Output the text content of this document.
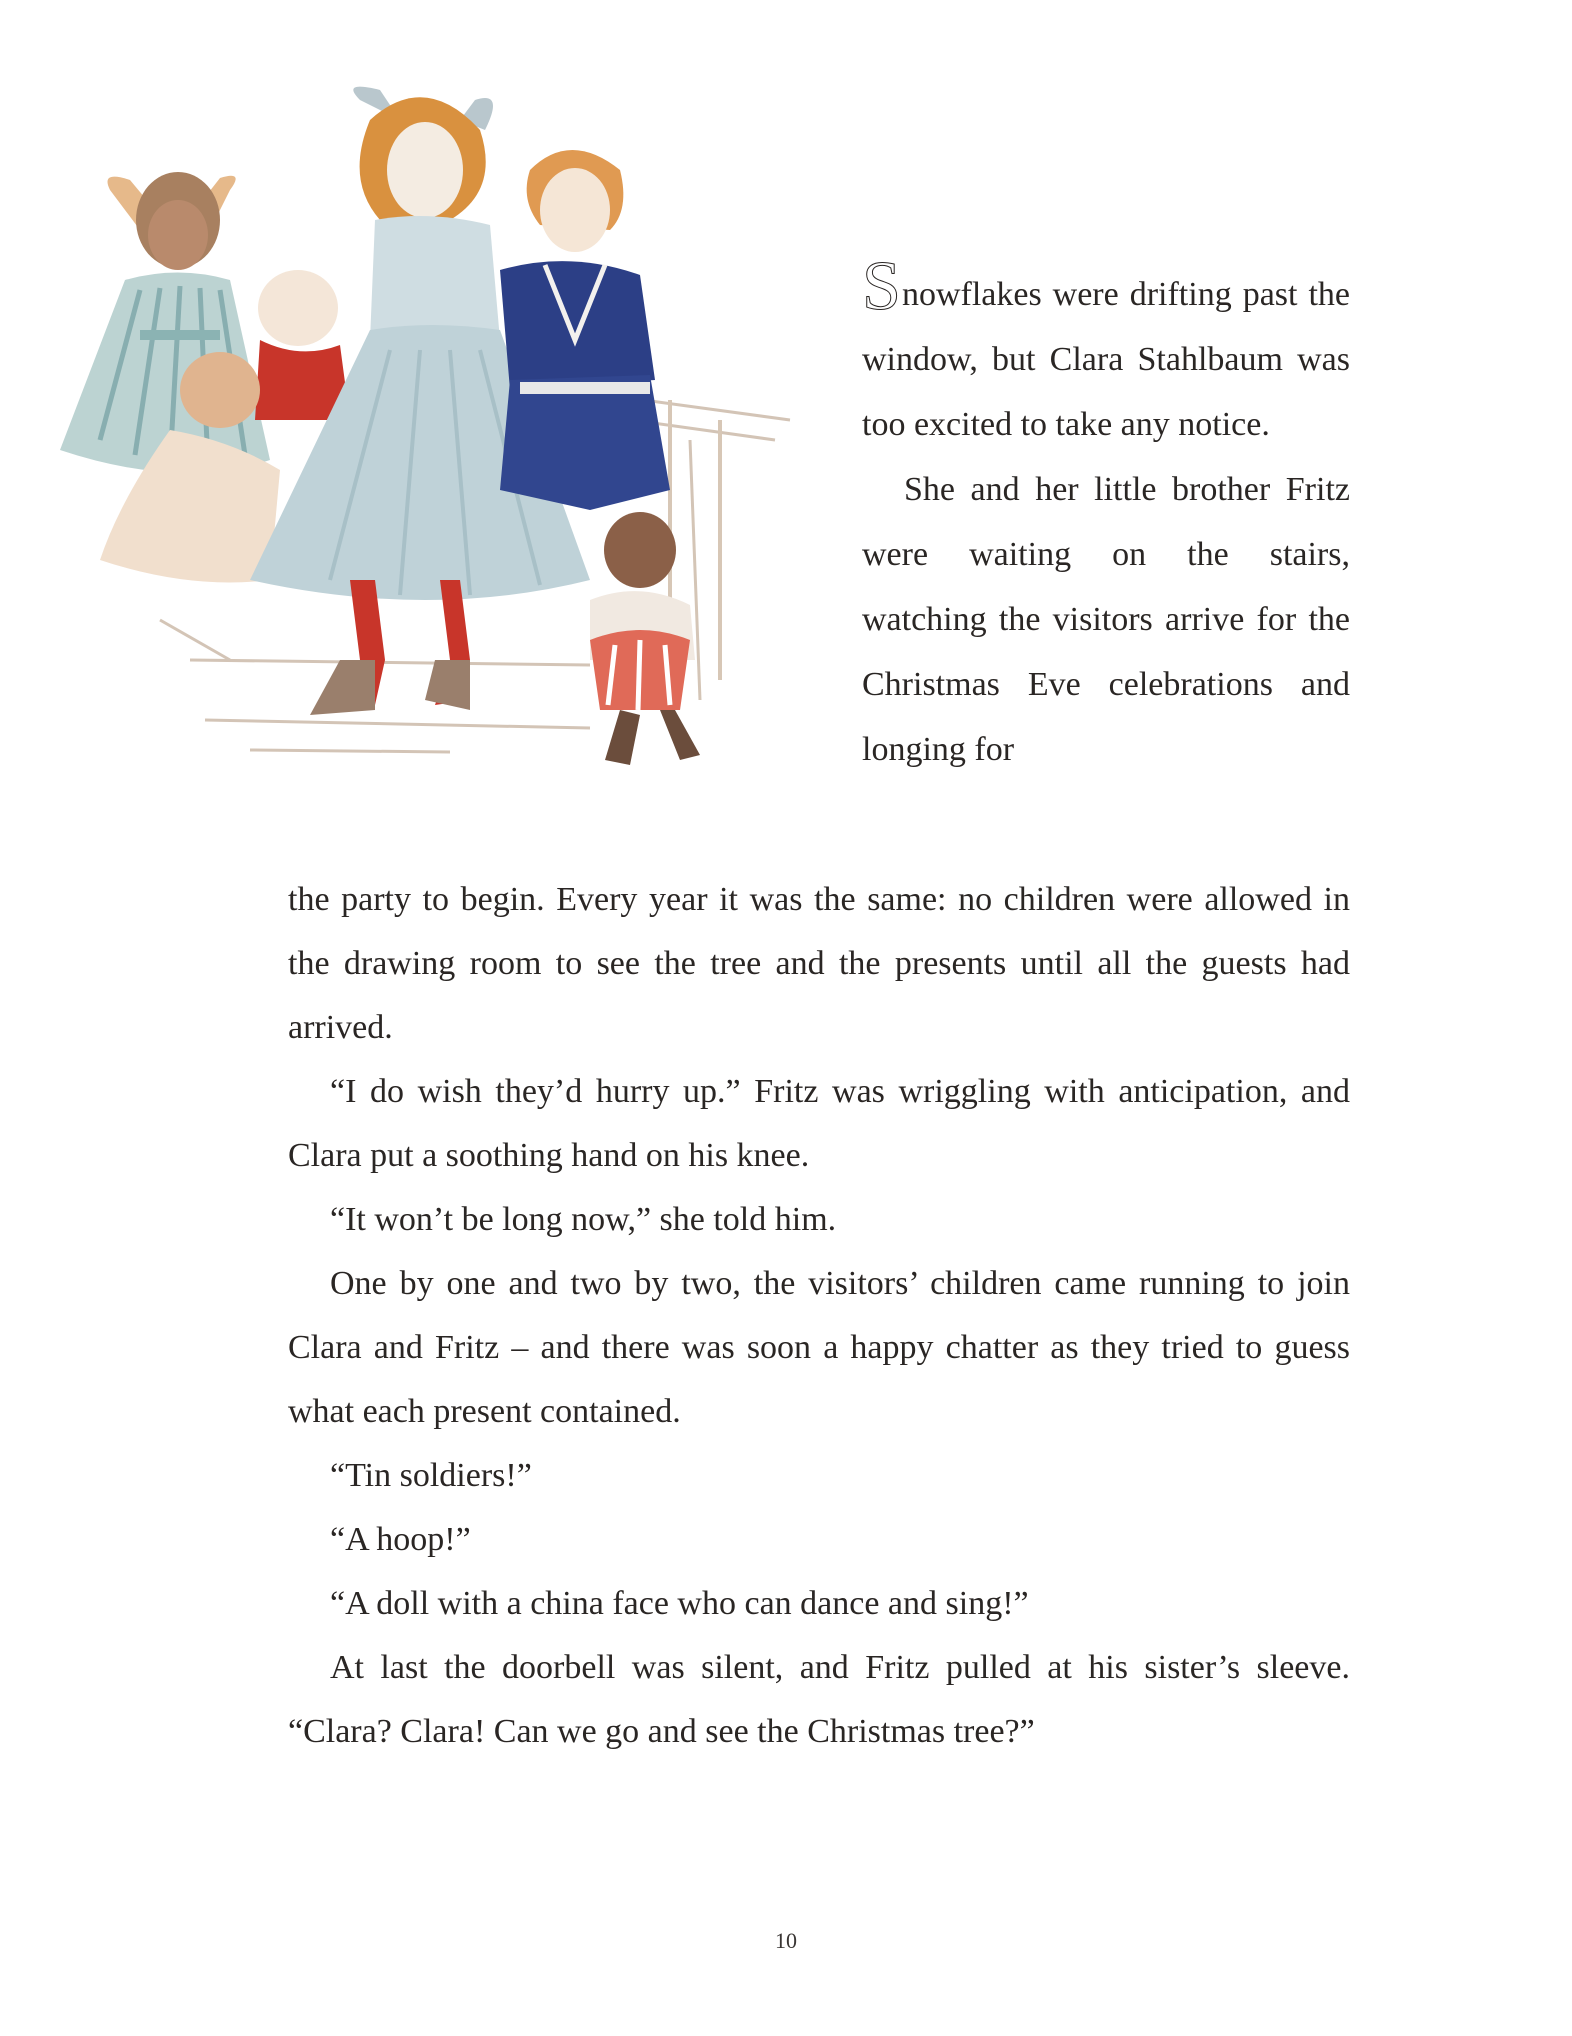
Snowflakes were drifting past the window, but Clara Stahlbaum was too excited to take any notice.

She and her little brother Fritz were waiting on the stairs, watching the visitors arrive for the Christmas Eve celebrations and longing for

the party to begin. Every year it was the same: no children were allowed in the drawing room to see the tree and the presents until all the guests had arrived.

“I do wish they’d hurry up.” Fritz was wriggling with anticipation, and Clara put a soothing hand on his knee.

“It won’t be long now,” she told him.

One by one and two by two, the visitors’ children came running to join Clara and Fritz – and there was soon a happy chatter as they tried to guess what each present contained.

“Tin soldiers!”

“A hoop!”

“A doll with a china face who can dance and sing!”

At last the doorbell was silent, and Fritz pulled at his sister’s sleeve. “Clara? Clara! Can we go and see the Christmas tree?”

10
